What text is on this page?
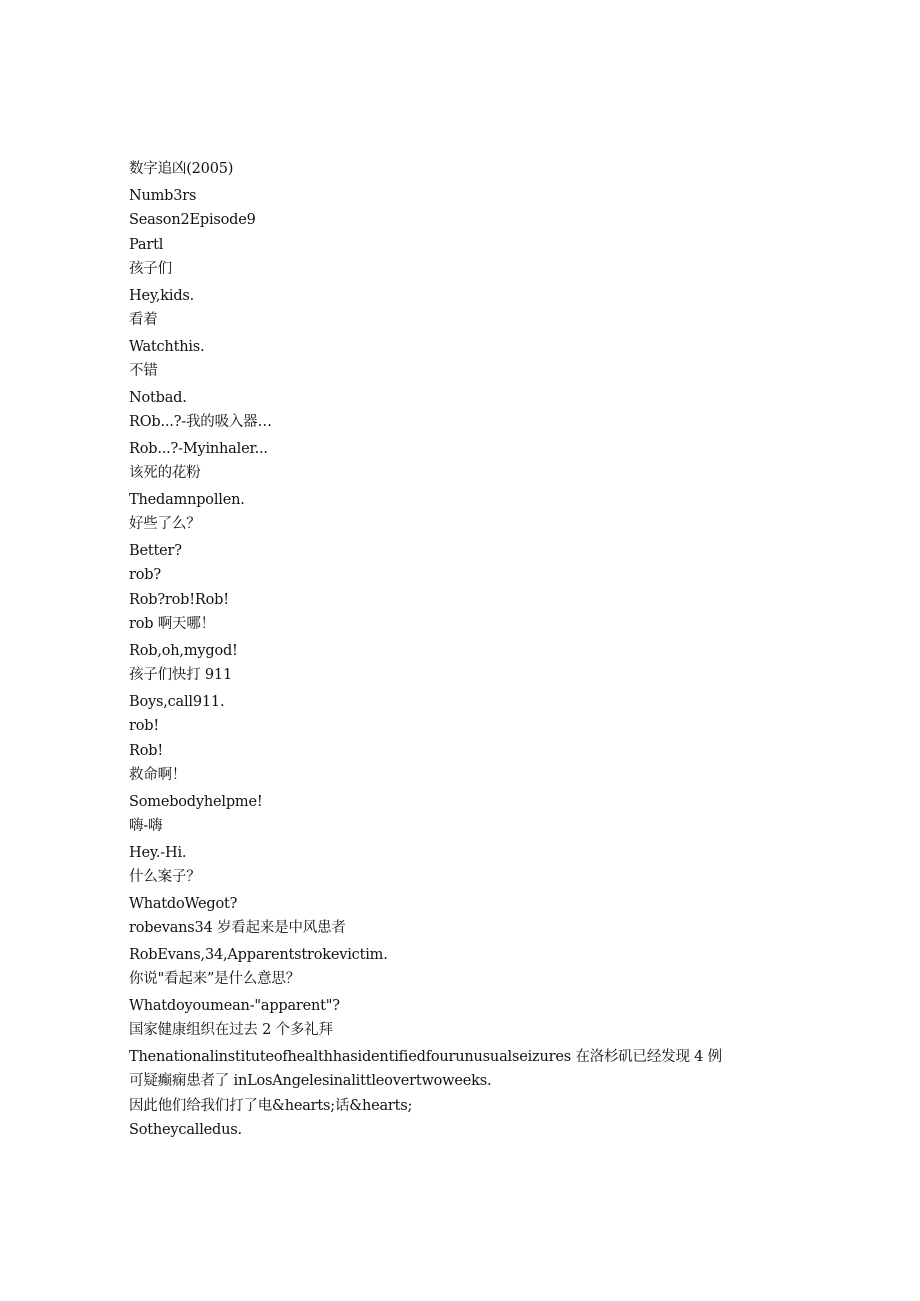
数字追凶(2005)
Numb3rs
Season2Episode9
Partl
孩子们
Hey,kids.
看着
Watchthis.
不错
Notbad.
ROb...?-我的吸入器…
Rob...?-Myinhaler...
该死的花粉
Thedamnpollen.
好些了么？
Better?
rob?
Rob?rob!Rob!
rob 啊天哪！
Rob,oh,mygod!
孩子们快打 911
Boys,call911.
rob!
Rob!
救命啊！
Somebodyhelpme!
嗨-嗨
Hey.-Hi.
什么案子？
WhatdoWegot?
robevans34 岁看起来是中风患者
RobEvans,34,Apparentstrokevictim.
你说"看起来”是什么意思？
Whatdoyoumean-"apparent"?
国家健康组织在过去 2 个多礼拜
Thenationalinstituteofhealthhasidentifiedfourunusualseizures 在洛杉矶已经发现 4 例
可疑癫痫患者了 inLosAngelesinalittleovertwoweeks.
因此他们给我们打了电&hearts;话&hearts;
Sotheycalledus.
